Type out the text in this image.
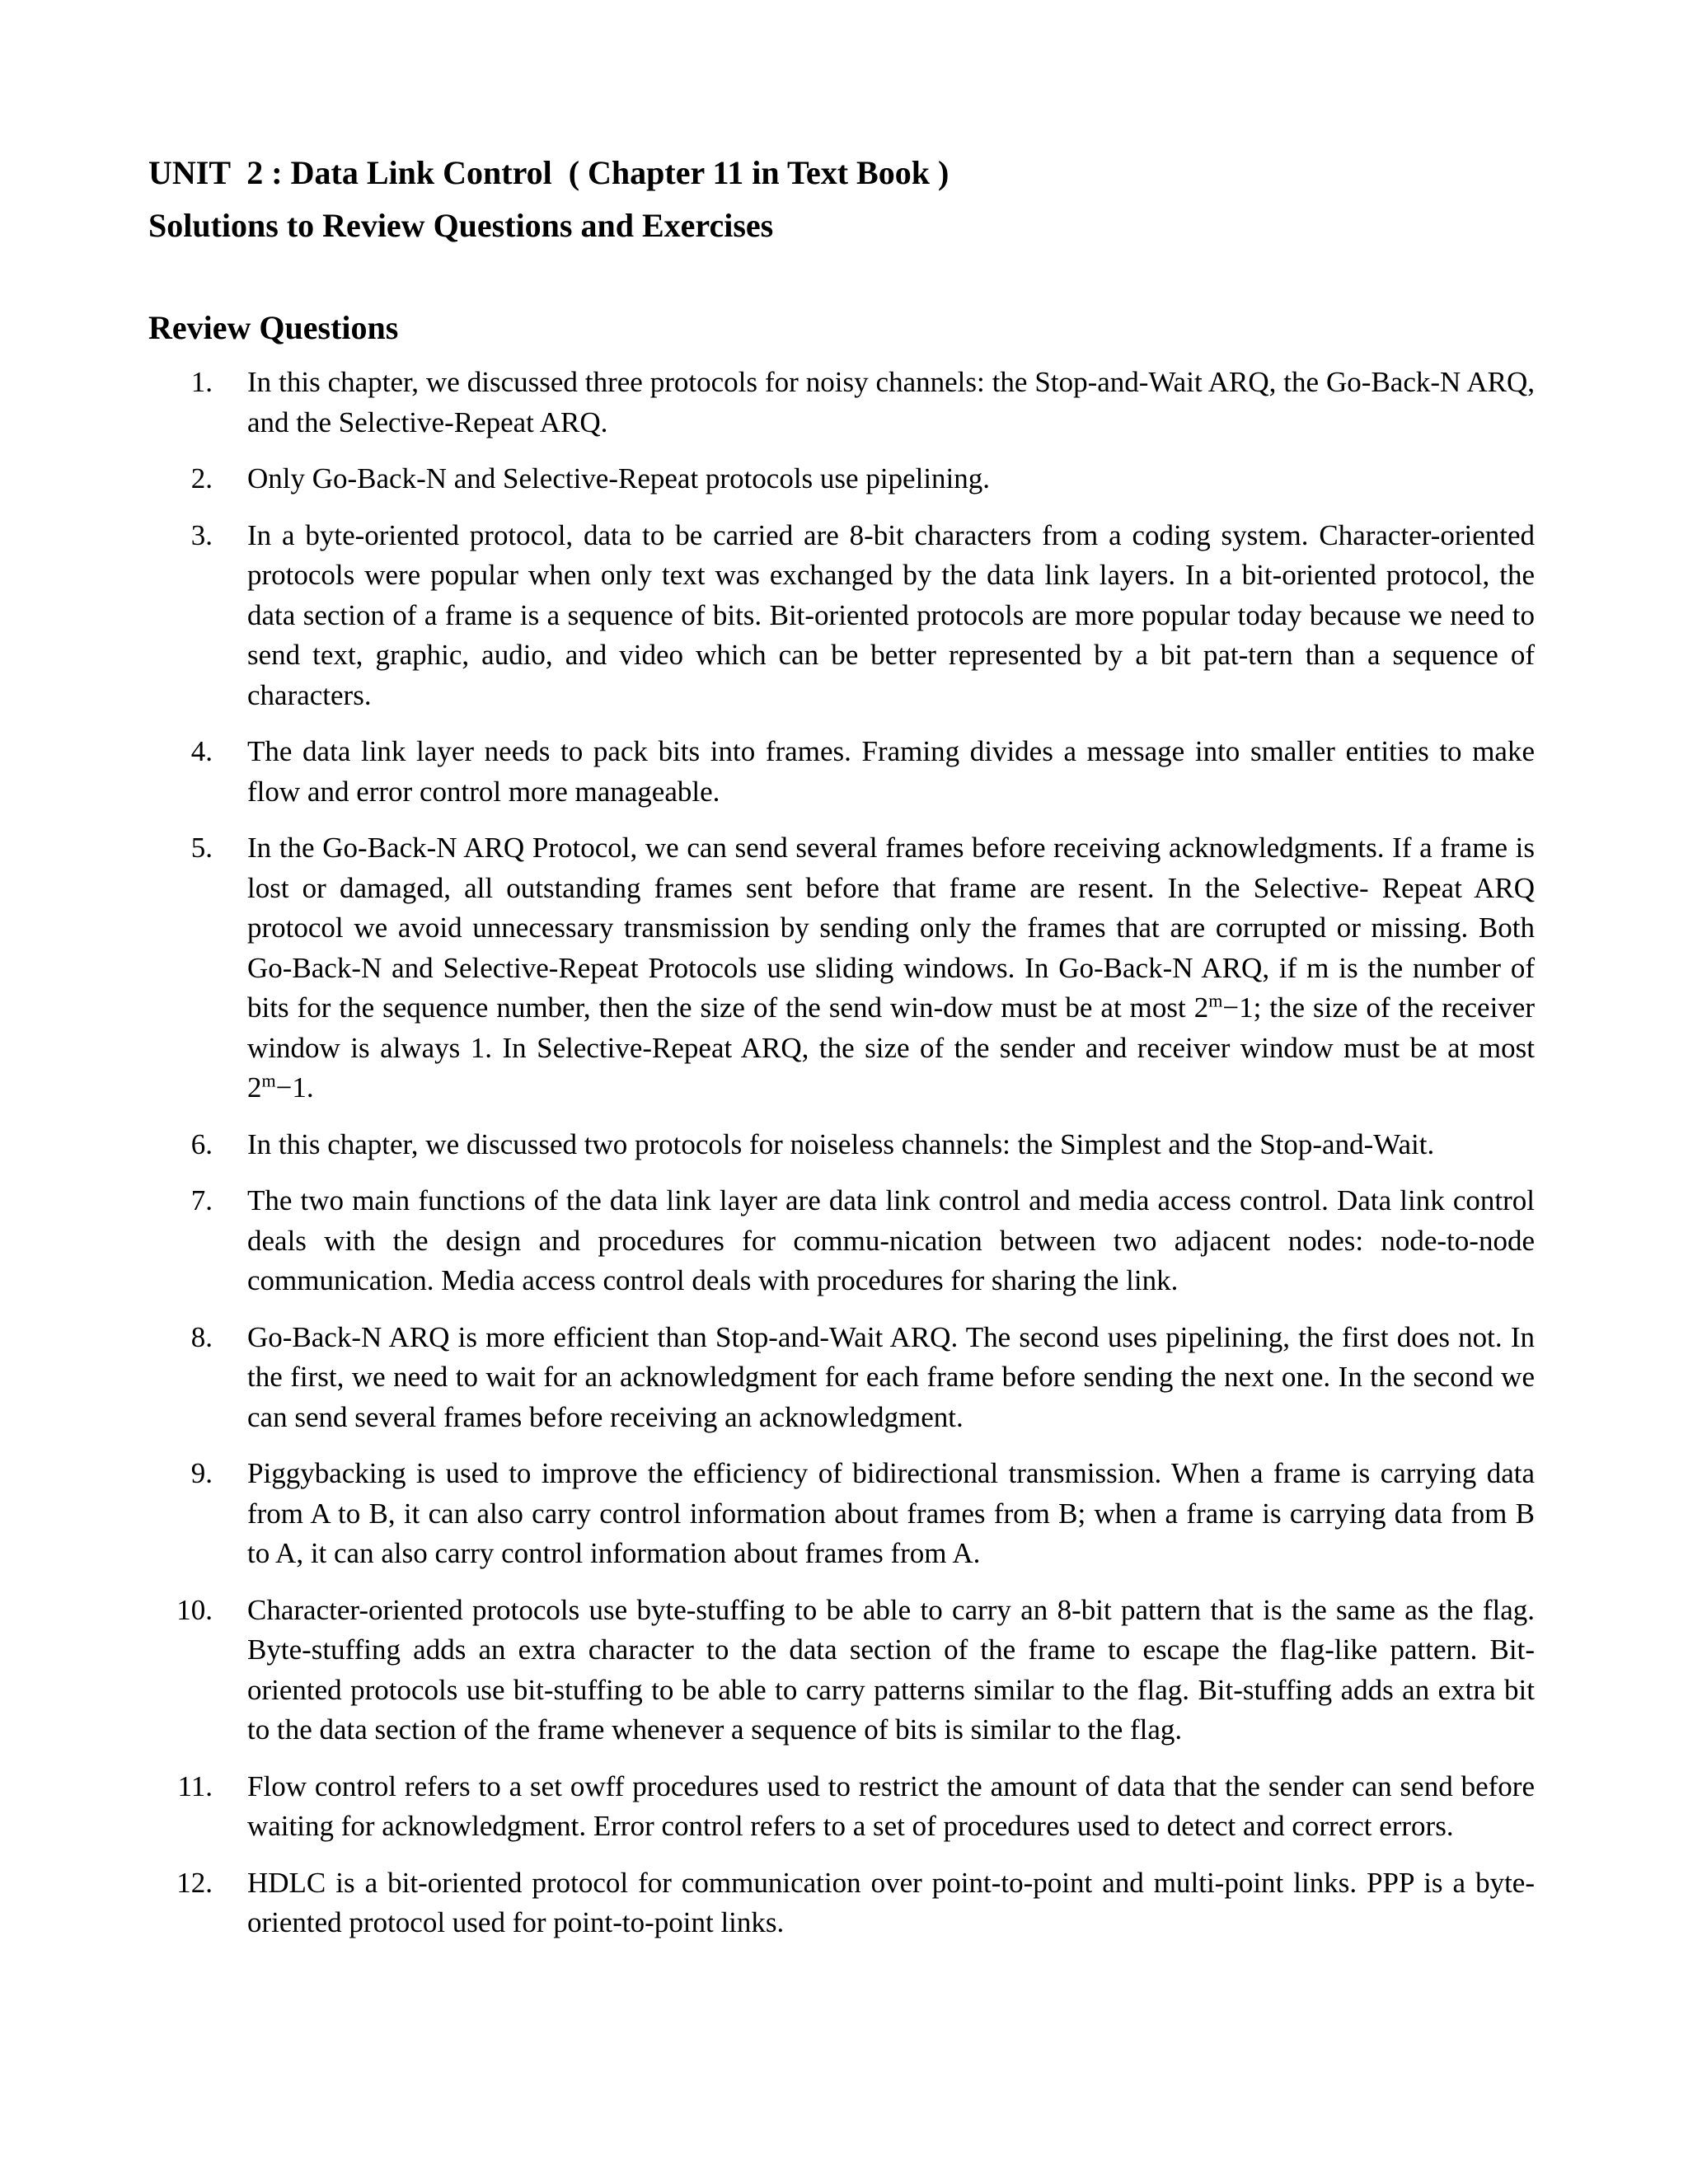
UNIT  2 : Data Link Control  ( Chapter 11 in Text Book )
Solutions to Review Questions and Exercises
Review Questions
1. In this chapter, we discussed three protocols for noisy channels: the Stop-and-Wait ARQ, the Go-Back-N ARQ, and the Selective-Repeat ARQ.
2. Only Go-Back-N and Selective-Repeat protocols use pipelining.
3. In a byte-oriented protocol, data to be carried are 8-bit characters from a coding system. Character-oriented protocols were popular when only text was exchanged by the data link layers. In a bit-oriented protocol, the data section of a frame is a sequence of bits. Bit-oriented protocols are more popular today because we need to send text, graphic, audio, and video which can be better represented by a bit pat-tern than a sequence of characters.
4. The data link layer needs to pack bits into frames. Framing divides a message into smaller entities to make flow and error control more manageable.
5. In the Go-Back-N ARQ Protocol, we can send several frames before receiving acknowledgments. If a frame is lost or damaged, all outstanding frames sent before that frame are resent. In the Selective- Repeat ARQ protocol we avoid unnecessary transmission by sending only the frames that are corrupted or missing. Both Go-Back-N and Selective-Repeat Protocols use sliding windows. In Go-Back-N ARQ, if m is the number of bits for the sequence number, then the size of the send win-dow must be at most $2^m-1$; the size of the receiver window is always 1. In Selective-Repeat ARQ, the size of the sender and receiver window must be at most $2^m-1$.
6. In this chapter, we discussed two protocols for noiseless channels: the Simplest and the Stop-and-Wait.
7. The two main functions of the data link layer are data link control and media access control. Data link control deals with the design and procedures for commu-nication between two adjacent nodes: node-to-node communication. Media access control deals with procedures for sharing the link.
8. Go-Back-N ARQ is more efficient than Stop-and-Wait ARQ. The second uses pipelining, the first does not. In the first, we need to wait for an acknowledgment for each frame before sending the next one. In the second we can send several frames before receiving an acknowledgment.
9. Piggybacking is used to improve the efficiency of bidirectional transmission. When a frame is carrying data from A to B, it can also carry control information about frames from B; when a frame is carrying data from B to A, it can also carry control information about frames from A.
10. Character-oriented protocols use byte-stuffing to be able to carry an 8-bit pattern that is the same as the flag. Byte-stuffing adds an extra character to the data section of the frame to escape the flag-like pattern. Bit-oriented protocols use bit-stuffing to be able to carry patterns similar to the flag. Bit-stuffing adds an extra bit to the data section of the frame whenever a sequence of bits is similar to the flag.
11. Flow control refers to a set owff procedures used to restrict the amount of data that the sender can send before waiting for acknowledgment. Error control refers to a set of procedures used to detect and correct errors.
12. HDLC is a bit-oriented protocol for communication over point-to-point and multi-point links. PPP is a byte-oriented protocol used for point-to-point links.
